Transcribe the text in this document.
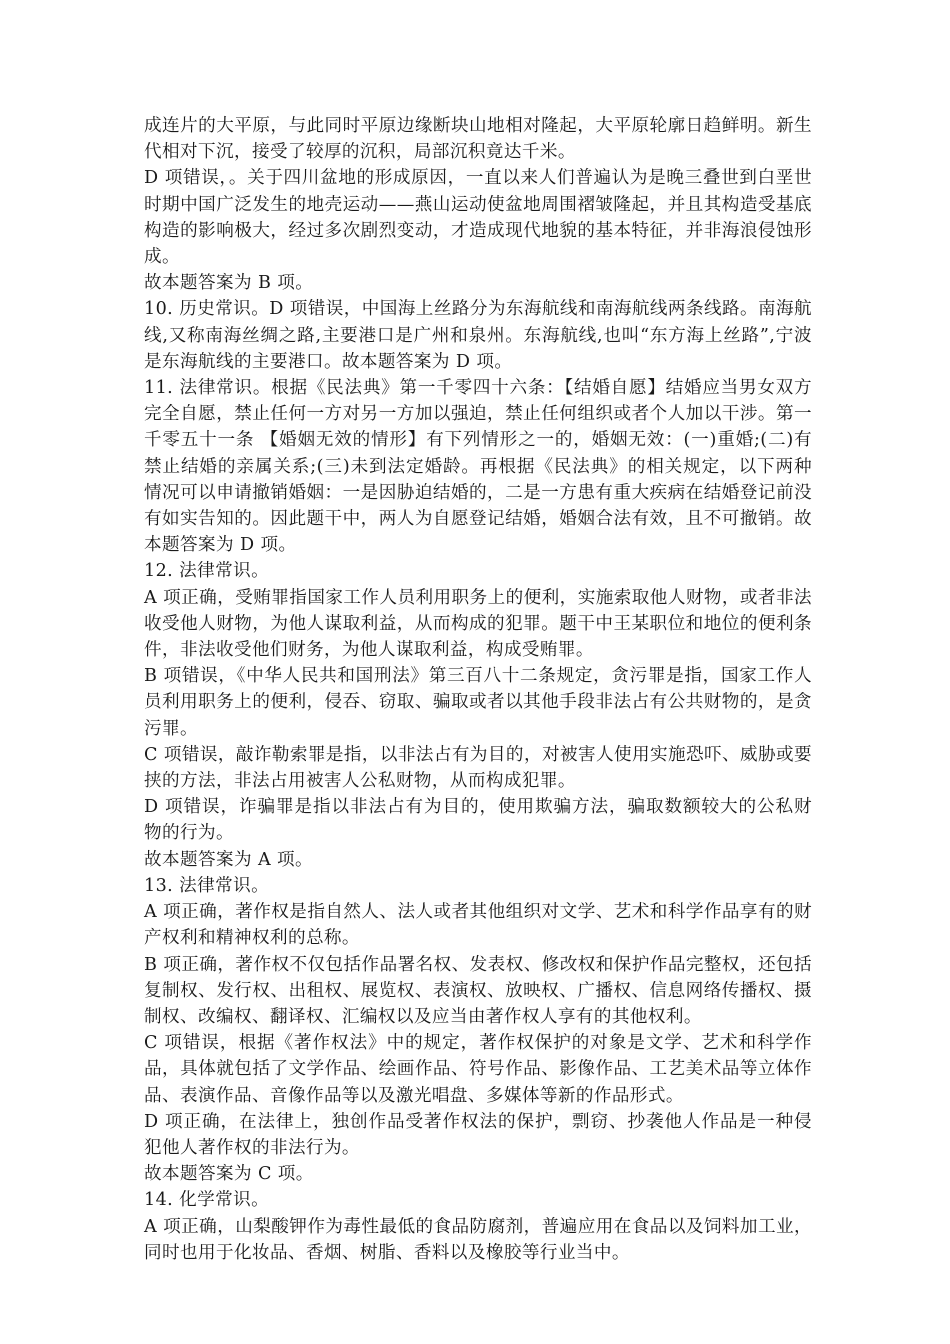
成连片的大平原，与此同时平原边缘断块山地相对隆起，大平原轮廓日趋鲜明。新生代相对下沉，接受了较厚的沉积，局部沉积竟达千米。

D 项错误，。关于四川盆地的形成原因，一直以来人们普遍认为是晚三叠世到白垩世时期中国广泛发生的地壳运动——燕山运动使盆地周围褶皱隆起，并且其构造受基底构造的影响极大，经过多次剧烈变动，才造成现代地貌的基本特征，并非海浪侵蚀形成。

故本题答案为 B 项。

10. 历史常识。D 项错误，中国海上丝路分为东海航线和南海航线两条线路。南海航线,又称南海丝绸之路,主要港口是广州和泉州。东海航线,也叫“东方海上丝路”,宁波是东海航线的主要港口。故本题答案为 D 项。

11. 法律常识。根据《民法典》第一千零四十六条：【结婚自愿】结婚应当男女双方完全自愿，禁止任何一方对另一方加以强迫，禁止任何组织或者个人加以干涉。第一千零五十一条 【婚姻无效的情形】有下列情形之一的，婚姻无效：(一)重婚;(二)有禁止结婚的亲属关系;(三)未到法定婚龄。再根据《民法典》的相关规定，以下两种情况可以申请撤销婚姻：一是因胁迫结婚的，二是一方患有重大疾病在结婚登记前没有如实告知的。因此题干中，两人为自愿登记结婚，婚姻合法有效，且不可撤销。故本题答案为 D 项。

12. 法律常识。

A 项正确，受贿罪指国家工作人员利用职务上的便利，实施索取他人财物，或者非法收受他人财物，为他人谋取利益，从而构成的犯罪。题干中王某职位和地位的便利条件，非法收受他们财务，为他人谋取利益，构成受贿罪。

B 项错误，《中华人民共和国刑法》第三百八十二条规定，贪污罪是指，国家工作人员利用职务上的便利，侵吞、窃取、骗取或者以其他手段非法占有公共财物的，是贪污罪。

C 项错误，敲诈勒索罪是指，以非法占有为目的，对被害人使用实施恐吓、威胁或要挟的方法，非法占用被害人公私财物，从而构成犯罪。

D 项错误，诈骗罪是指以非法占有为目的，使用欺骗方法，骗取数额较大的公私财物的行为。

故本题答案为 A 项。

13. 法律常识。

A 项正确，著作权是指自然人、法人或者其他组织对文学、艺术和科学作品享有的财产权利和精神权利的总称。

B 项正确，著作权不仅包括作品署名权、发表权、修改权和保护作品完整权，还包括复制权、发行权、出租权、展览权、表演权、放映权、广播权、信息网络传播权、摄制权、改编权、翻译权、汇编权以及应当由著作权人享有的其他权利。

C 项错误，根据《著作权法》中的规定，著作权保护的对象是文学、艺术和科学作品，具体就包括了文学作品、绘画作品、符号作品、影像作品、工艺美术品等立体作品、表演作品、音像作品等以及激光唱盘、多媒体等新的作品形式。

D 项正确，在法律上，独创作品受著作权法的保护，剽窃、抄袭他人作品是一种侵犯他人著作权的非法行为。

故本题答案为 C 项。

14. 化学常识。

A 项正确，山梨酸钾作为毒性最低的食品防腐剂，普遍应用在食品以及饲料加工业，同时也用于化妆品、香烟、树脂、香料以及橡胶等行业当中。
